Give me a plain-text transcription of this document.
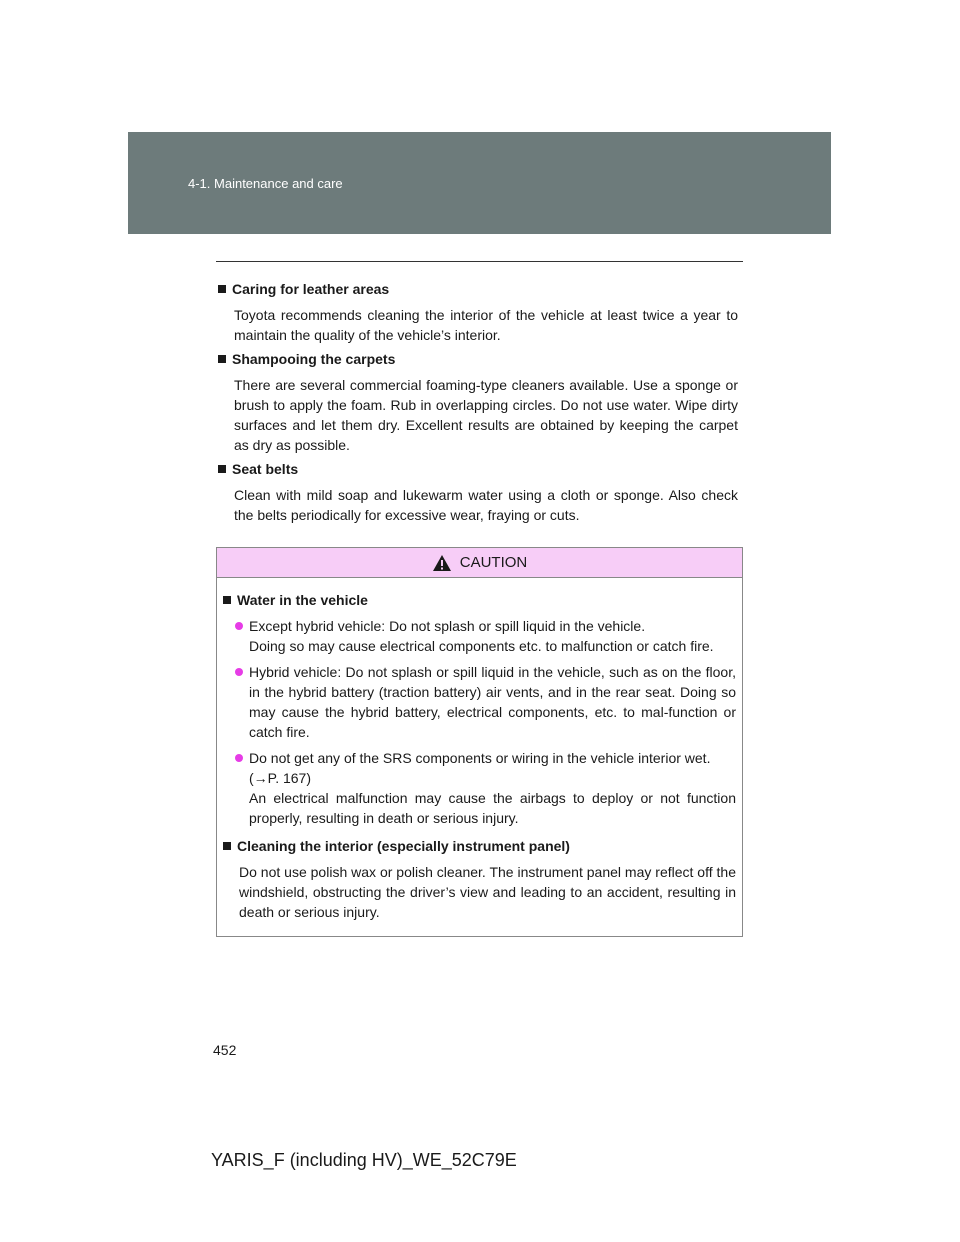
4-1. Maintenance and care
Caring for leather areas
Toyota recommends cleaning the interior of the vehicle at least twice a year to maintain the quality of the vehicle’s interior.
Shampooing the carpets
There are several commercial foaming-type cleaners available. Use a sponge or brush to apply the foam. Rub in overlapping circles. Do not use water. Wipe dirty surfaces and let them dry. Excellent results are obtained by keeping the carpet as dry as possible.
Seat belts
Clean with mild soap and lukewarm water using a cloth or sponge. Also check the belts periodically for excessive wear, fraying or cuts.
CAUTION
Water in the vehicle
Except hybrid vehicle: Do not splash or spill liquid in the vehicle.
Doing so may cause electrical components etc. to malfunction or catch fire.
Hybrid vehicle: Do not splash or spill liquid in the vehicle, such as on the floor, in the hybrid battery (traction battery) air vents, and in the rear seat. Doing so may cause the hybrid battery, electrical components, etc. to mal-function or catch fire.
Do not get any of the SRS components or wiring in the vehicle interior wet.
(→P. 167)
An electrical malfunction may cause the airbags to deploy or not function properly, resulting in death or serious injury.
Cleaning the interior (especially instrument panel)
Do not use polish wax or polish cleaner. The instrument panel may reflect off the windshield, obstructing the driver’s view and leading to an accident, resulting in death or serious injury.
452
YARIS_F (including HV)_WE_52C79E
